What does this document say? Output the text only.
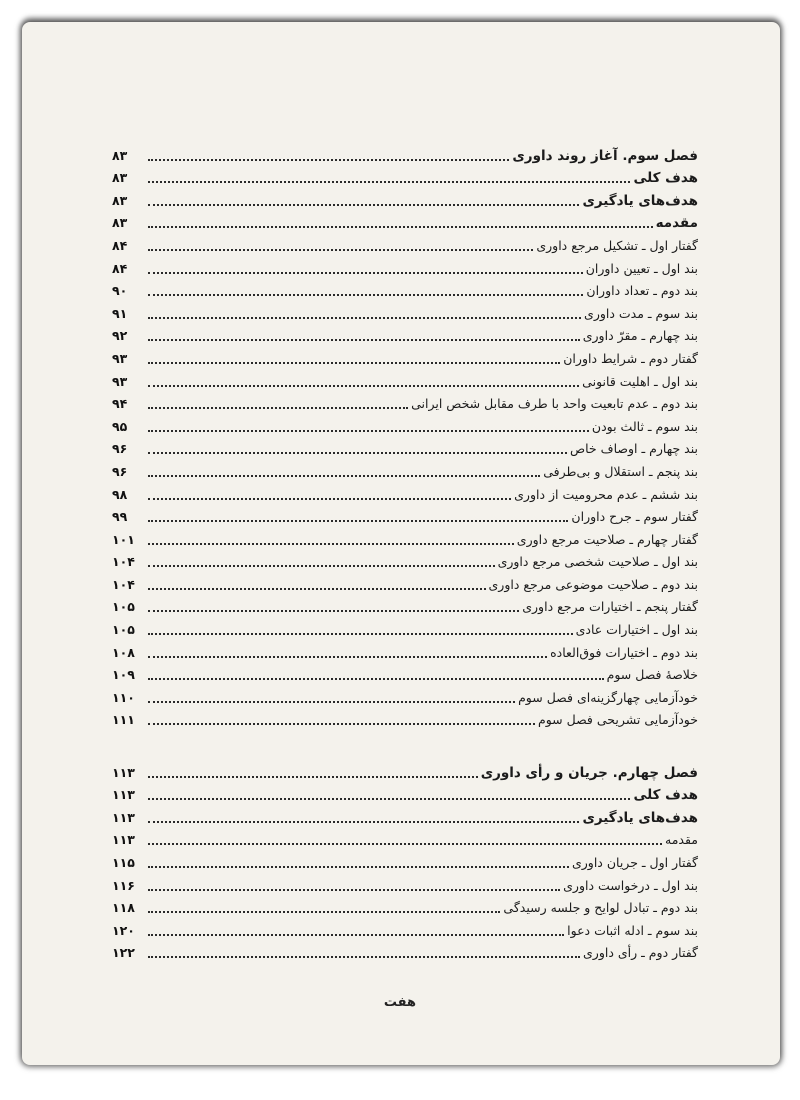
فصل سوم. آغاز روند داوری
۸۳
هدف کلی
۸۳
هدف‌های یادگیری
۸۳
مقدمه
۸۳
گفتار اول ـ تشکیل مرجع داوری
۸۴
بند اول ـ تعیین داوران
۸۴
بند دوم ـ تعداد داوران
۹۰
بند سوم ـ مدت داوری
۹۱
بند چهارم ـ مقرّ داوری
۹۲
گفتار دوم ـ شرایط داوران
۹۳
بند اول ـ اهلیت قانونی
۹۳
بند دوم ـ عدم تابعیت واحد با طرف مقابل شخص ایرانی
۹۴
بند سوم ـ ثالث بودن
۹۵
بند چهارم ـ اوصاف خاص
۹۶
بند پنجم ـ استقلال و بی‌طرفی
۹۶
بند ششم ـ عدم محرومیت از داوری
۹۸
گفتار سوم ـ جرح داوران
۹۹
گفتار چهارم ـ صلاحیت مرجع داوری
۱۰۱
بند اول ـ صلاحیت شخصی مرجع داوری
۱۰۴
بند دوم ـ صلاحیت موضوعی مرجع داوری
۱۰۴
گفتار پنجم ـ اختیارات مرجع داوری
۱۰۵
بند اول ـ اختیارات عادی
۱۰۵
بند دوم ـ اختیارات فوق‌العاده
۱۰۸
خلاصهٔ فصل سوم
۱۰۹
خودآزمایی چهارگزینه‌ای فصل سوم
۱۱۰
خودآزمایی تشریحی فصل سوم
۱۱۱
فصل چهارم. جریان و رأی داوری
۱۱۳
هدف کلی
۱۱۳
هدف‌های یادگیری
۱۱۳
مقدمه
۱۱۳
گفتار اول ـ جریان داوری
۱۱۵
بند اول ـ درخواست داوری
۱۱۶
بند دوم ـ تبادل لوایح و جلسه رسیدگی
۱۱۸
بند سوم ـ ادله اثبات دعوا
۱۲۰
گفتار دوم ـ رأی داوری
۱۲۲
هفت
